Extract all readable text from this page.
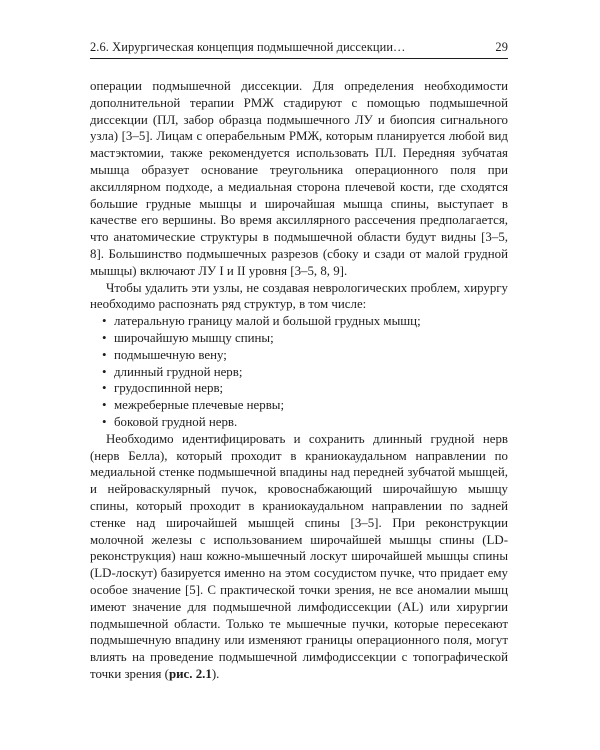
2.6. Хирургическая концепция подмышечной диссекции…	29

операции подмышечной диссекции. Для определения необходимости дополнительной терапии РМЖ стадируют с помощью подмышечной диссекции (ПЛ, забор образца подмышечного ЛУ и биопсия сигнального узла) [3–5]. Лицам с операбельным РМЖ, которым планируется любой вид мастэктомии, также рекомендуется использовать ПЛ. Передняя зубчатая мышца образует основание треугольника операционного поля при аксиллярном подходе, а медиальная сторона плечевой кости, где сходятся большие грудные мышцы и широчайшая мышца спины, выступает в качестве его вершины. Во время аксиллярного рассечения предполагается, что анатомические структуры в подмышечной области будут видны [3–5, 8]. Большинство подмышечных разрезов (сбоку и сзади от малой грудной мышцы) включают ЛУ I и II уровня [3–5, 8, 9].

Чтобы удалить эти узлы, не создавая неврологических проблем, хирургу необходимо распознать ряд структур, в том числе:

• латеральную границу малой и большой грудных мышц;
• широчайшую мышцу спины;
• подмышечную вену;
• длинный грудной нерв;
• грудоспинной нерв;
• межреберные плечевые нервы;
• боковой грудной нерв.

Необходимо идентифицировать и сохранить длинный грудной нерв (нерв Белла), который проходит в краниокаудальном направлении по медиальной стенке подмышечной впадины над передней зубчатой мышцей, и нейроваскулярный пучок, кровоснабжающий широчайшую мышцу спины, который проходит в краниокаудальном направлении по задней стенке над широчайшей мышцей спины [3–5]. При реконструкции молочной железы с использованием широчайшей мышцы спины (LD-реконструкция) наш кожно-мышечный лоскут широчайшей мышцы спины (LD-лоскут) базируется именно на этом сосудистом пучке, что придает ему особое значение [5]. С практической точки зрения, не все аномалии мышц имеют значение для подмышечной лимфодиссекции (AL) или хирургии подмышечной области. Только те мышечные пучки, которые пересекают подмышечную впадину или изменяют границы операционного поля, могут влиять на проведение подмышечной лимфодиссекции с топографической точки зрения (рис. 2.1).
